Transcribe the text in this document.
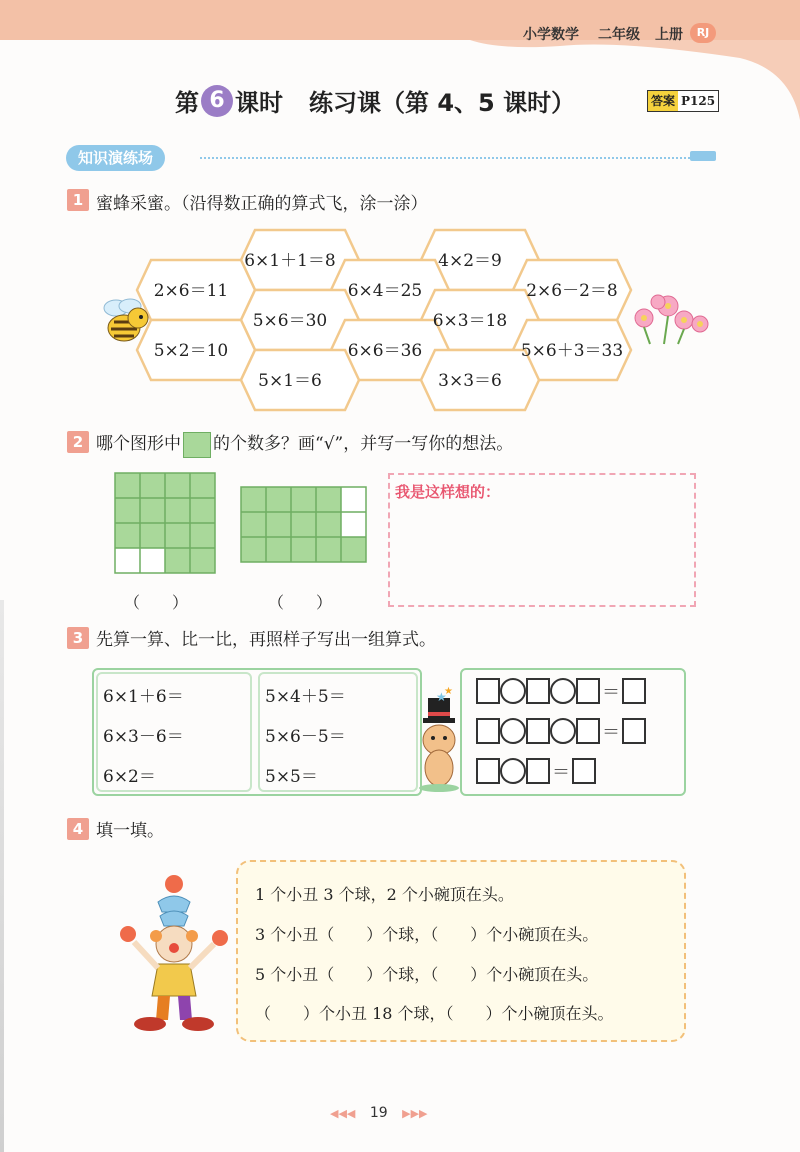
小学数学 二年级 上册	RJ
第 6 课时 练习课（第 4、5 课时）	答案 P125
知识演练场
1 蜜蜂采蜜。（沿得数正确的算式飞，涂一涂）
6×1＋1＝8	4×2＝9
2×6＝11	6×4＝25	2×6－2＝8
5×6＝30	6×3＝18
5×2＝10	6×6＝36	5×6＋3＝33
5×1＝6	3×3＝6
2 哪个图形中 的个数多？画“√”，并写一写你的想法。
（　　）	（　　）
我是这样想的：
3 先算一算、比一比，再照样子写出一组算式。
6×1＋6＝
6×3－6＝
6×2＝
5×4＋5＝
5×6－5＝
5×5＝
★
★	＝
＝
＝
4 填一填。
1 个小丑 3 个球，2 个小碗顶在头。
3 个小丑（　　）个球，（　　）个小碗顶在头。
5 个小丑（　　）个球，（　　）个小碗顶在头。
（　　）个小丑 18 个球，（　　）个小碗顶在头。
◀◀◀ 19 ▶▶▶
